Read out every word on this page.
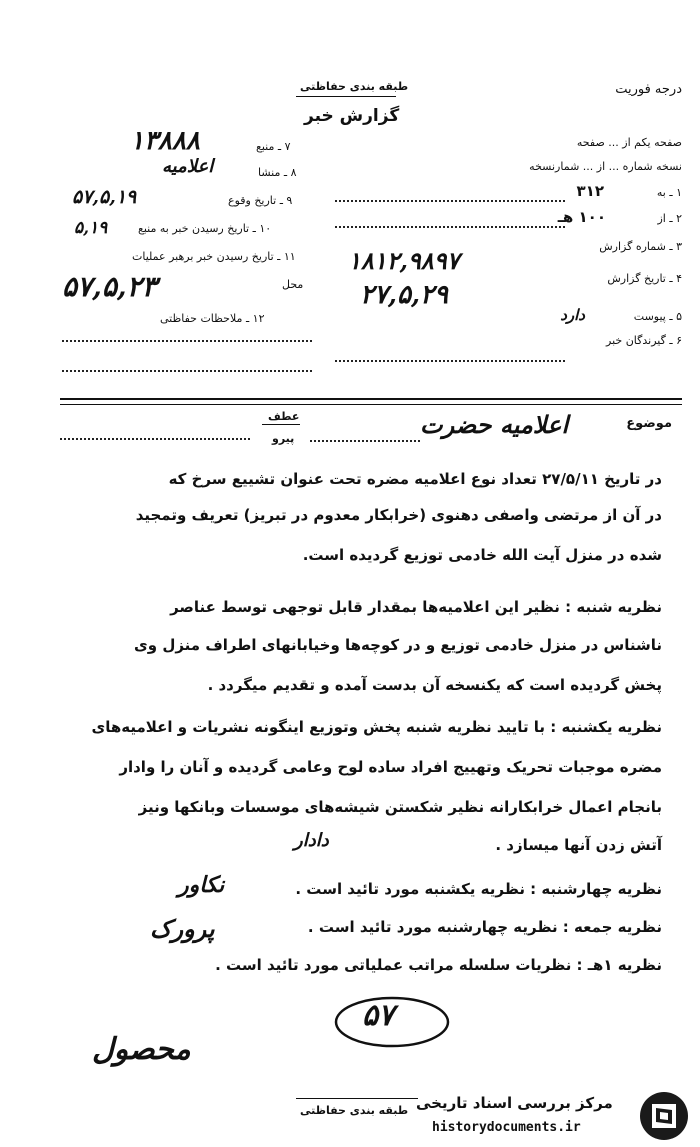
درجه فوریت
طبقه بندی حفاظتی
گزارش خبر
صفحه یکم از ... صفحه
نسخه شماره ... از ... شمارنسخه
۱ ـ به
۳۱۲
۲ ـ از
۱۰۰ هـ
۳ ـ شماره گزارش
۱۸۱۲,۹۸۹۷
۴ ـ تاریخ گزارش
۲۷,۵,۲۹
۵ ـ پیوست
دارد
۶ ـ گیرندگان خبر
۷ ـ منبع
۱۳۸۸۸
۸ ـ منشا
اعلامیه
۹ ـ تاریخ وقوع
۵۷,۵,۱۹
۱۰ ـ تاریخ رسیدن خبر به منبع
۵,۱۹
۱۱ ـ تاریخ رسیدن خبر برهبر عملیات
محل
۵۷,۵,۲۳
۱۲ ـ ملاحظات حفاظتی
موضوع
اعلامیه حضرت
عطف
پیرو
در تاریخ ۲۷/۵/۱۱ تعداد نوع اعلامیه مضره تحت عنوان تشییع سرخ که
در آن از مرتضی واصفی دهنوی (خرابکار معدوم در تبریز) تعریف وتمجید
شده در منزل آیت الله خادمی توزیع گردیده است.
نظریه شنبه : نظیر این اعلامیه‌ها بمقدار قابل توجهی توسط عناصر
ناشناس در منزل خادمی توزیع و در کوچه‌ها وخیابانهای اطراف منزل وی
پخش گردیده است که یکنسخه آن بدست آمده و تقدیم میگردد .
نظریه یکشنبه : با تایید نظریه شنبه پخش وتوزیع اینگونه نشریات و اعلامیه‌های
مضره موجبات تحریک وتهییج افراد ساده لوح وعامی گردیده و آنان را وادار
بانجام اعمال خرابکارانه نظیر شکستن شیشه‌های موسسات وبانکها ونیز
آتش زدن آنها میسازد .
دادار
نظریه چهارشنبه : نظریه یکشنبه مورد تائید است .
نکاور
نظریه جمعه : نظریه چهارشنبه مورد تائید است .
پرورک
نظریه ۱هـ : نظریات سلسله مراتب عملیاتی مورد تائید است .
۵۷
محصول
طبقه بندی حفاظتی مرکز بررسی اسناد تاریخی
historydocuments.ir
